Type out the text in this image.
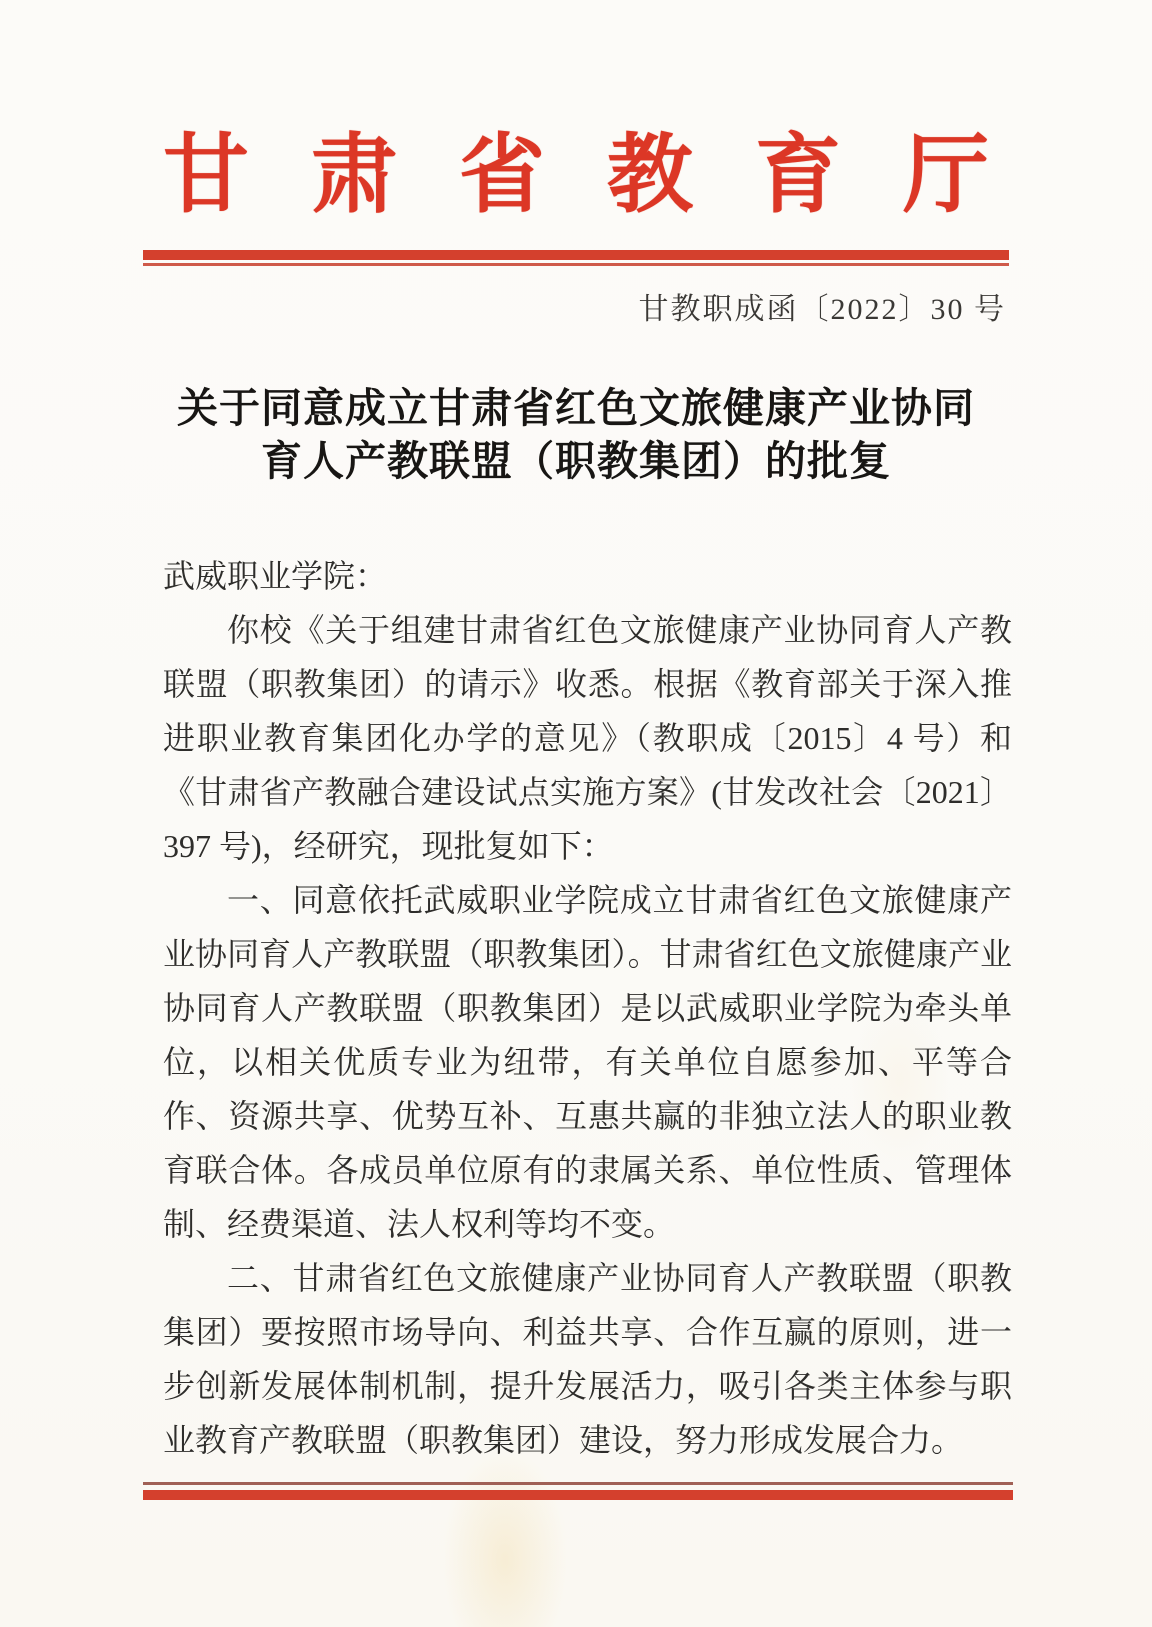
甘肃省教育厅
甘教职成函〔2022〕30 号
关于同意成立甘肃省红色文旅健康产业协同
育人产教联盟（职教集团）的批复

武威职业学院：

你校《关于组建甘肃省红色文旅健康产业协同育人产教联盟（职教集团）的请示》收悉。根据《教育部关于深入推进职业教育集团化办学的意见》（教职成〔2015〕4 号）和《甘肃省产教融合建设试点实施方案》(甘发改社会〔2021〕397 号)，经研究，现批复如下：

一、同意依托武威职业学院成立甘肃省红色文旅健康产业协同育人产教联盟（职教集团）。甘肃省红色文旅健康产业协同育人产教联盟（职教集团）是以武威职业学院为牵头单位，以相关优质专业为纽带，有关单位自愿参加、平等合作、资源共享、优势互补、互惠共赢的非独立法人的职业教育联合体。各成员单位原有的隶属关系、单位性质、管理体制、经费渠道、法人权利等均不变。

二、甘肃省红色文旅健康产业协同育人产教联盟（职教集团）要按照市场导向、利益共享、合作互赢的原则，进一步创新发展体制机制，提升发展活力，吸引各类主体参与职业教育产教联盟（职教集团）建设，努力形成发展合力。
